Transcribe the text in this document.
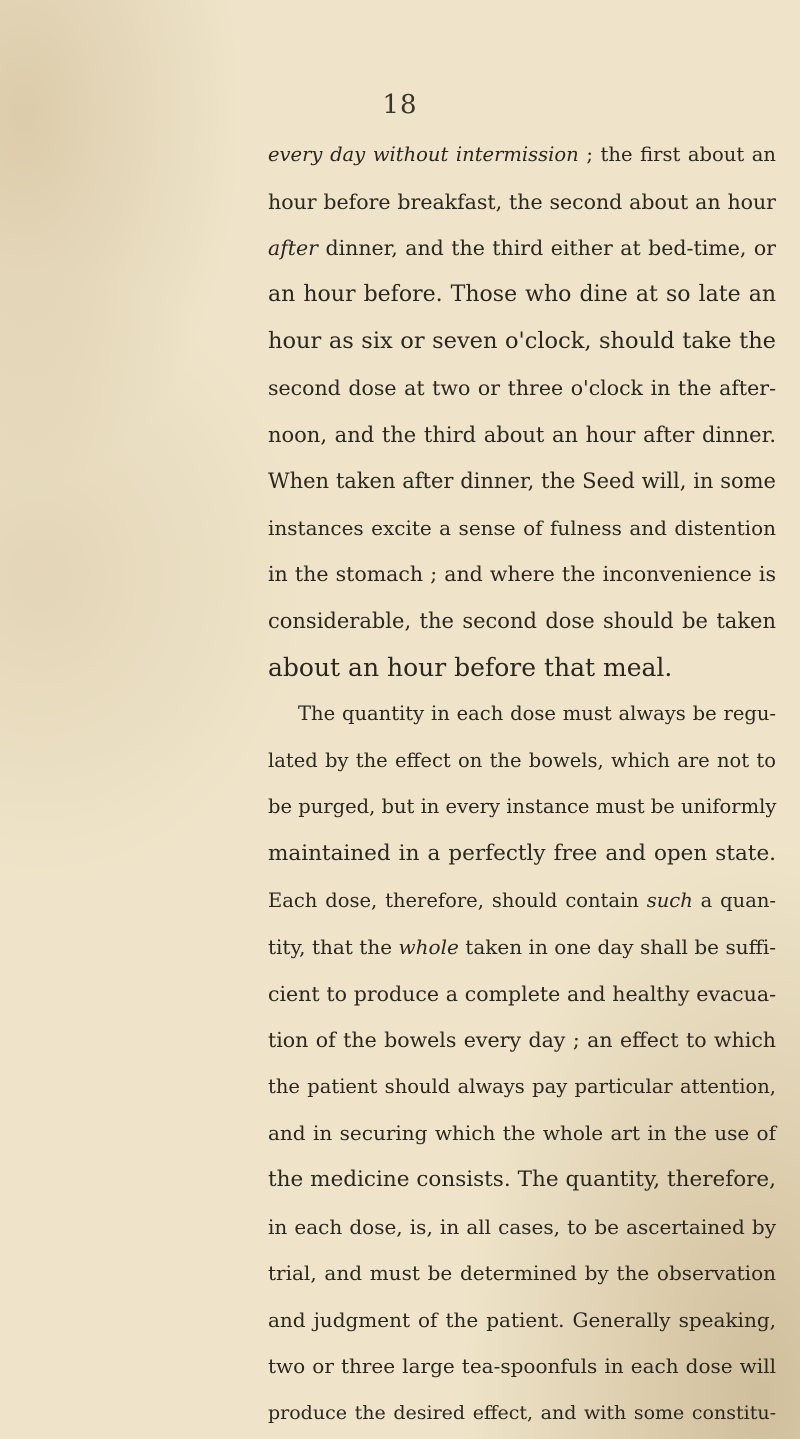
18
every day without intermission ; the first about an
hour before breakfast, the second about an hour
after dinner, and the third either at bed-time, or
an hour before. Those who dine at so late an
hour as six or seven o'clock, should take the
second dose at two or three o'clock in the after-
noon, and the third about an hour after dinner.
When taken after dinner, the Seed will, in some
instances excite a sense of fulness and distention
in the stomach ; and where the inconvenience is
considerable, the second dose should be taken
about an hour before that meal.
The quantity in each dose must always be regu-
lated by the effect on the bowels, which are not to
be purged, but in every instance must be uniformly
maintained in a perfectly free and open state.
Each dose, therefore, should contain such a quan-
tity, that the whole taken in one day shall be suffi-
cient to produce a complete and healthy evacua-
tion of the bowels every day ; an effect to which
the patient should always pay particular attention,
and in securing which the whole art in the use of
the medicine consists. The quantity, therefore,
in each dose, is, in all cases, to be ascertained by
trial, and must be determined by the observation
and judgment of the patient. Generally speaking,
two or three large tea-spoonfuls in each dose will
produce the desired effect, and with some constitu-
